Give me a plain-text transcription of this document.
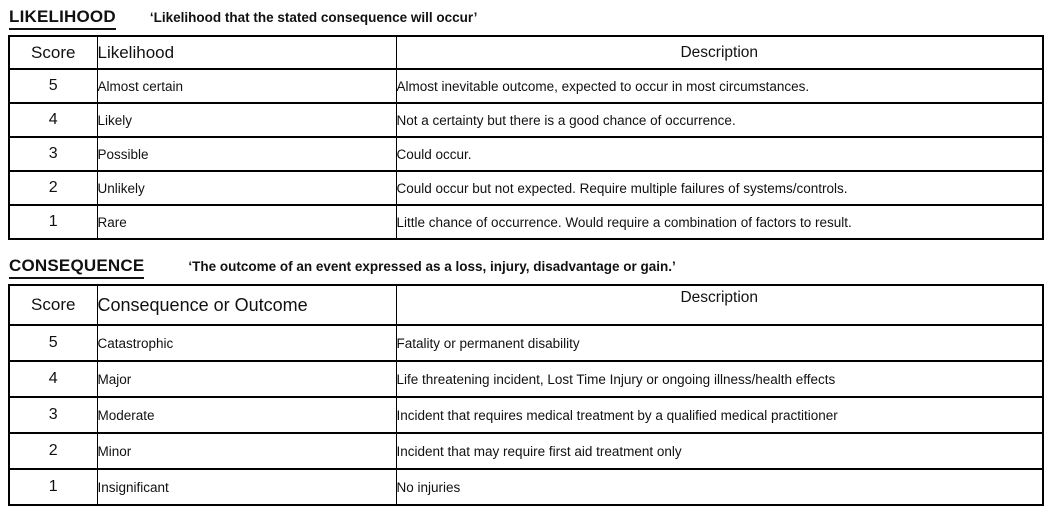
LIKELIHOOD	‘Likelihood that the stated consequence will occur’
Score	Likelihood	Description
5	Almost certain	Almost inevitable outcome, expected to occur in most circumstances.
4	Likely	Not a certainty but there is a good chance of occurrence.
3	Possible	Could occur.
2	Unlikely	Could occur but not expected. Require multiple failures of systems/controls.
1	Rare	Little chance of occurrence. Would require a combination of factors to result.
CONSEQUENCE	‘The outcome of an event expressed as a loss, injury, disadvantage or gain.’
Score	Consequence or Outcome	Description
5	Catastrophic	Fatality or permanent disability
4	Major	Life threatening incident, Lost Time Injury or ongoing illness/health effects
3	Moderate	Incident that requires medical treatment by a qualified medical practitioner
2	Minor	Incident that may require first aid treatment only
1	Insignificant	No injuries
